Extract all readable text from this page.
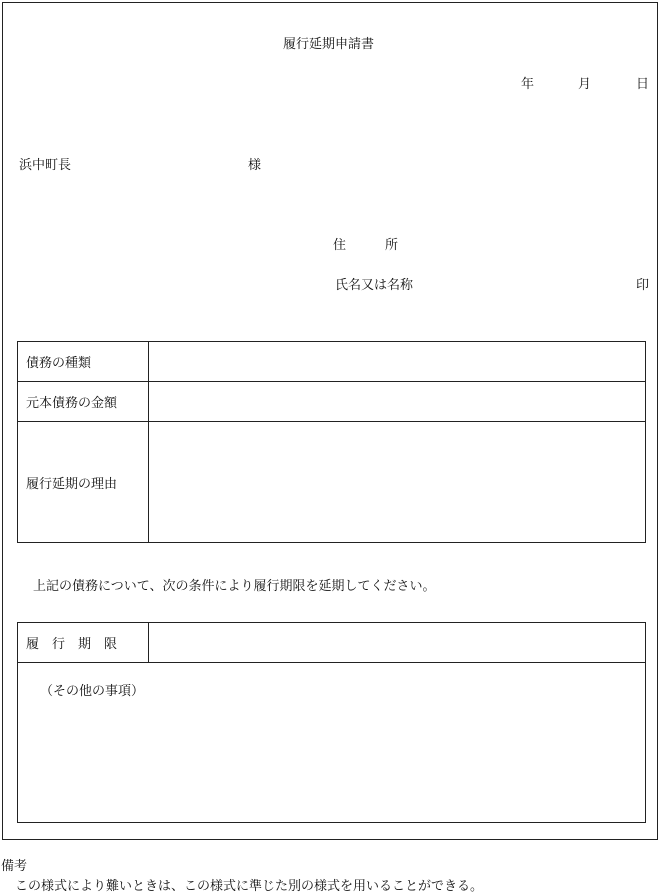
履行延期申請書
年	月	日
浜中町長	様
住　　　所
氏名又は名称	印
債務の種類	
元本債務の金額	
履行延期の理由	
上記の債務について、次の条件により履行期限を延期してください。
履行期限	
（その他の事項）
備考
この様式により難いときは、この様式に準じた別の様式を用いることができる。
